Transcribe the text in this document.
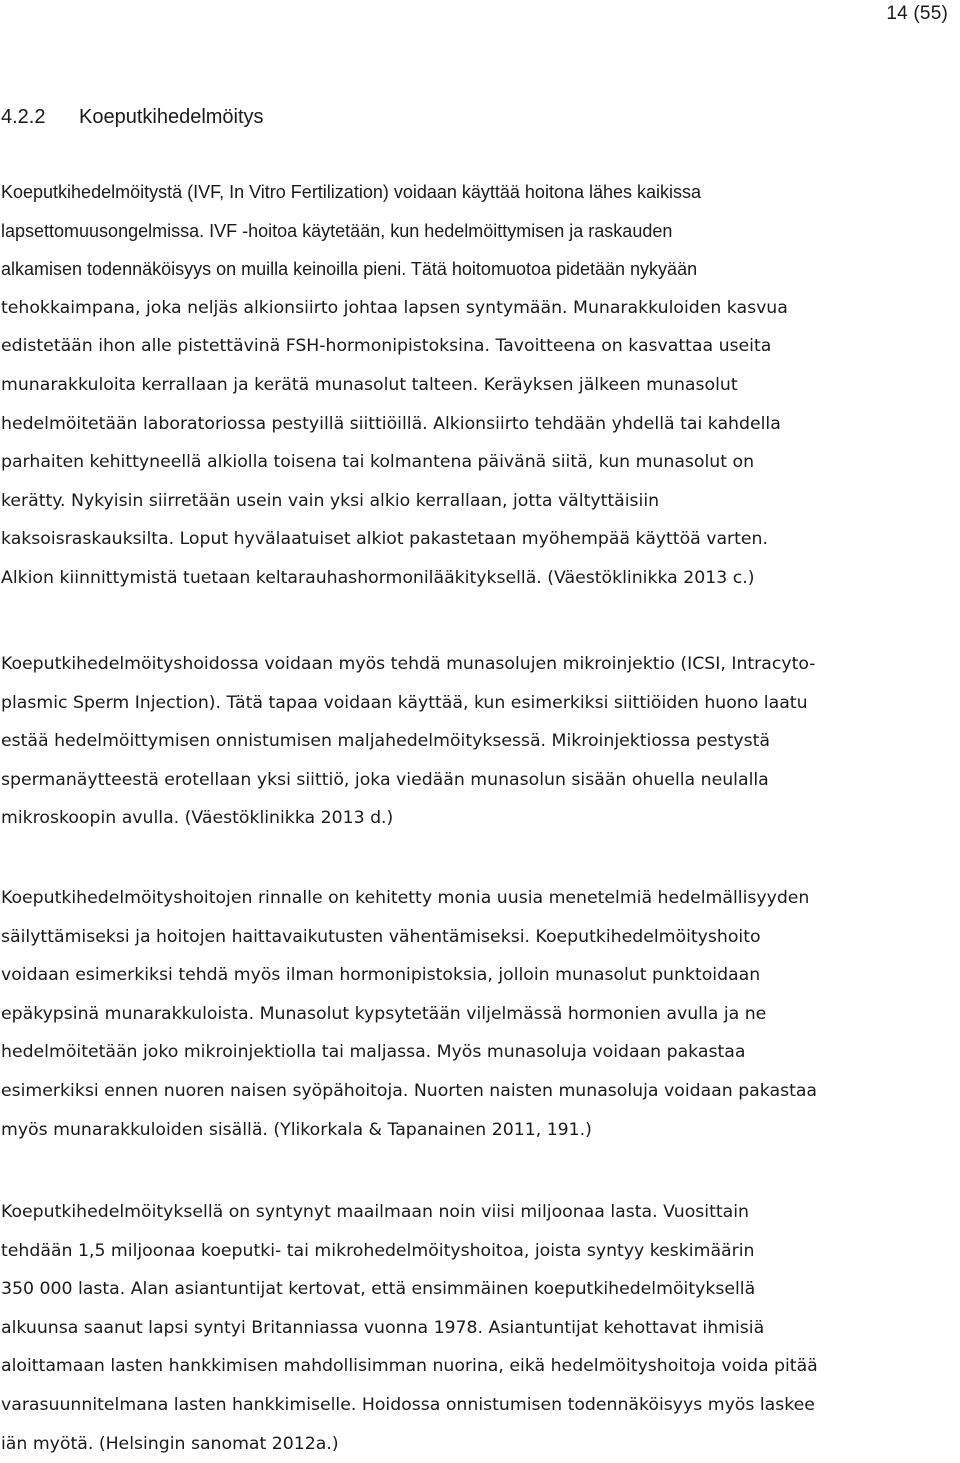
14 (55)
4.2.2 Koeputkihedelmöitys
Koeputkihedelmöitystä (IVF, In Vitro Fertilization) voidaan käyttää hoitona lähes kaikissa
lapsettomuusongelmissa. IVF -hoitoa käytetään, kun hedelmöittymisen ja raskauden
alkamisen todennäköisyys on muilla keinoilla pieni. Tätä hoitomuotoa pidetään nykyään
tehokkaimpana, joka neljäs alkionsiirto johtaa lapsen syntymään. Munarakkuloiden kasvua
edistetään ihon alle pistettävinä FSH-hormonipistoksina. Tavoitteena on kasvattaa useita
munarakkuloita kerrallaan ja kerätä munasolut talteen. Keräyksen jälkeen munasolut
hedelmöitetään laboratoriossa pestyillä siittiöillä. Alkionsiirto tehdään yhdellä tai kahdella
parhaiten kehittyneellä alkiolla toisena tai kolmantena päivänä siitä, kun munasolut on
kerätty. Nykyisin siirretään usein vain yksi alkio kerrallaan, jotta vältyttäisiin
kaksoisraskauksilta. Loput hyvälaatuiset alkiot pakastetaan myöhempää käyttöä varten.
Alkion kiinnittymistä tuetaan keltarauhashormonilääkityksellä. (Väestöklinikka 2013 c.)
Koeputkihedelmöityshoidossa voidaan myös tehdä munasolujen mikroinjektio (ICSI, Intracyto-
plasmic Sperm Injection). Tätä tapaa voidaan käyttää, kun esimerkiksi siittiöiden huono laatu
estää hedelmöittymisen onnistumisen maljahedelmöityksessä. Mikroinjektiossa pestystä
spermanäytteestä erotellaan yksi siittiö, joka viedään munasolun sisään ohuella neulalla
mikroskoopin avulla. (Väestöklinikka 2013 d.)
Koeputkihedelmöityshoitojen rinnalle on kehitetty monia uusia menetelmiä hedelmällisyyden
säilyttämiseksi ja hoitojen haittavaikutusten vähentämiseksi. Koeputkihedelmöityshoito
voidaan esimerkiksi tehdä myös ilman hormonipistoksia, jolloin munasolut punktoidaan
epäkypsinä munarakkuloista. Munasolut kypsytetään viljelmässä hormonien avulla ja ne
hedelmöitetään joko mikroinjektiolla tai maljassa. Myös munasoluja voidaan pakastaa
esimerkiksi ennen nuoren naisen syöpähoitoja. Nuorten naisten munasoluja voidaan pakastaa
myös munarakkuloiden sisällä. (Ylikorkala & Tapanainen 2011, 191.)
Koeputkihedelmöityksellä on syntynyt maailmaan noin viisi miljoonaa lasta. Vuosittain
tehdään 1,5 miljoonaa koeputki- tai mikrohedelmöityshoitoa, joista syntyy keskimäärin
350 000 lasta. Alan asiantuntijat kertovat, että ensimmäinen koeputkihedelmöityksellä
alkuunsa saanut lapsi syntyi Britanniassa vuonna 1978. Asiantuntijat kehottavat ihmisiä
aloittamaan lasten hankkimisen mahdollisimman nuorina, eikä hedelmöityshoitoja voida pitää
varasuunnitelmana lasten hankkimiselle. Hoidossa onnistumisen todennäköisyys myös laskee
iän myötä. (Helsingin sanomat 2012a.)
